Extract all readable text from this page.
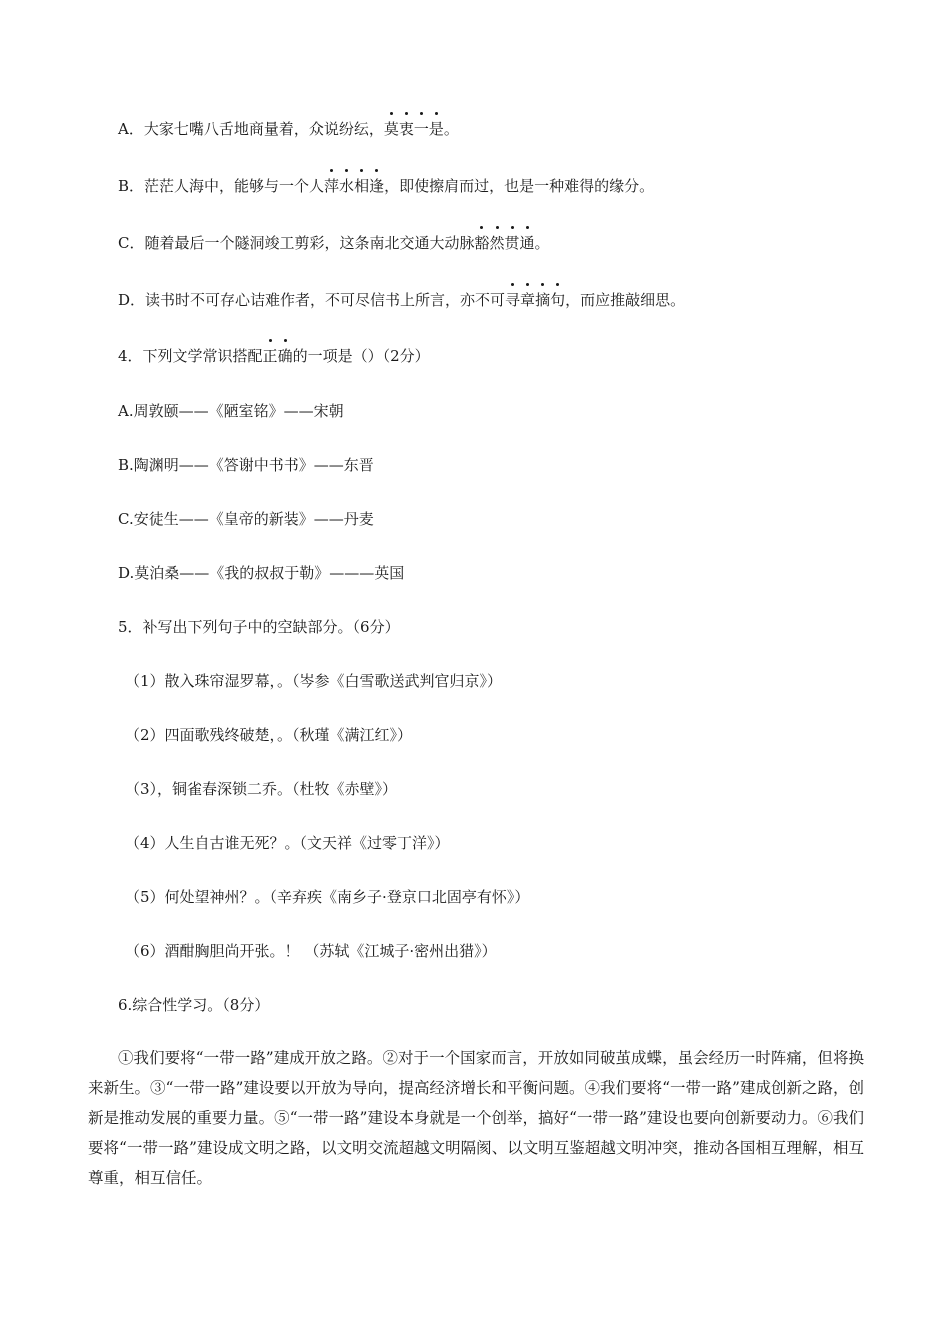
A．大家七嘴八舌地商量着，众说纷纭，莫衷一是。
B．茫茫人海中，能够与一个人萍水相逢，即使擦肩而过，也是一种难得的缘分。
C．随着最后一个隧洞竣工剪彩，这条南北交通大动脉豁然贯通。
D．读书时不可存心诘难作者，不可尽信书上所言，亦不可寻章摘句，而应推敲细思。
4．下列文学常识搭配正确的一项是（）（2分）
A.周敦颐——《陋室铭》——宋朝
B.陶渊明——《答谢中书书》——东晋
C.安徒生——《皇帝的新装》——丹麦
D.莫泊桑——《我的叔叔于勒》———英国
5．补写出下列句子中的空缺部分。（6分）
（1）散入珠帘湿罗幕，。（岑参《白雪歌送武判官归京》）
（2）四面歌残终破楚，。（秋瑾《满江红》）
（3），铜雀春深锁二乔。（杜牧《赤壁》）
（4）人生自古谁无死？。（文天祥《过零丁洋》）
（5）何处望神州？。（辛弃疾《南乡子·登京口北固亭有怀》）
（6）酒酣胸胆尚开张。！ （苏轼《江城子·密州出猎》）
6.综合性学习。（8分）
①我们要将“一带一路”建成开放之路。②对于一个国家而言，开放如同破茧成蝶，虽会经历一时阵痛，但将换来新生。③“一带一路”建设要以开放为导向，提高经济增长和平衡问题。④我们要将“一带一路”建成创新之路，创新是推动发展的重要力量。⑤“一带一路”建设本身就是一个创举，搞好“一带一路”建设也要向创新要动力。⑥我们要将“一带一路”建设成文明之路，以文明交流超越文明隔阂、以文明互鉴超越文明冲突，推动各国相互理解，相互尊重，相互信任。
